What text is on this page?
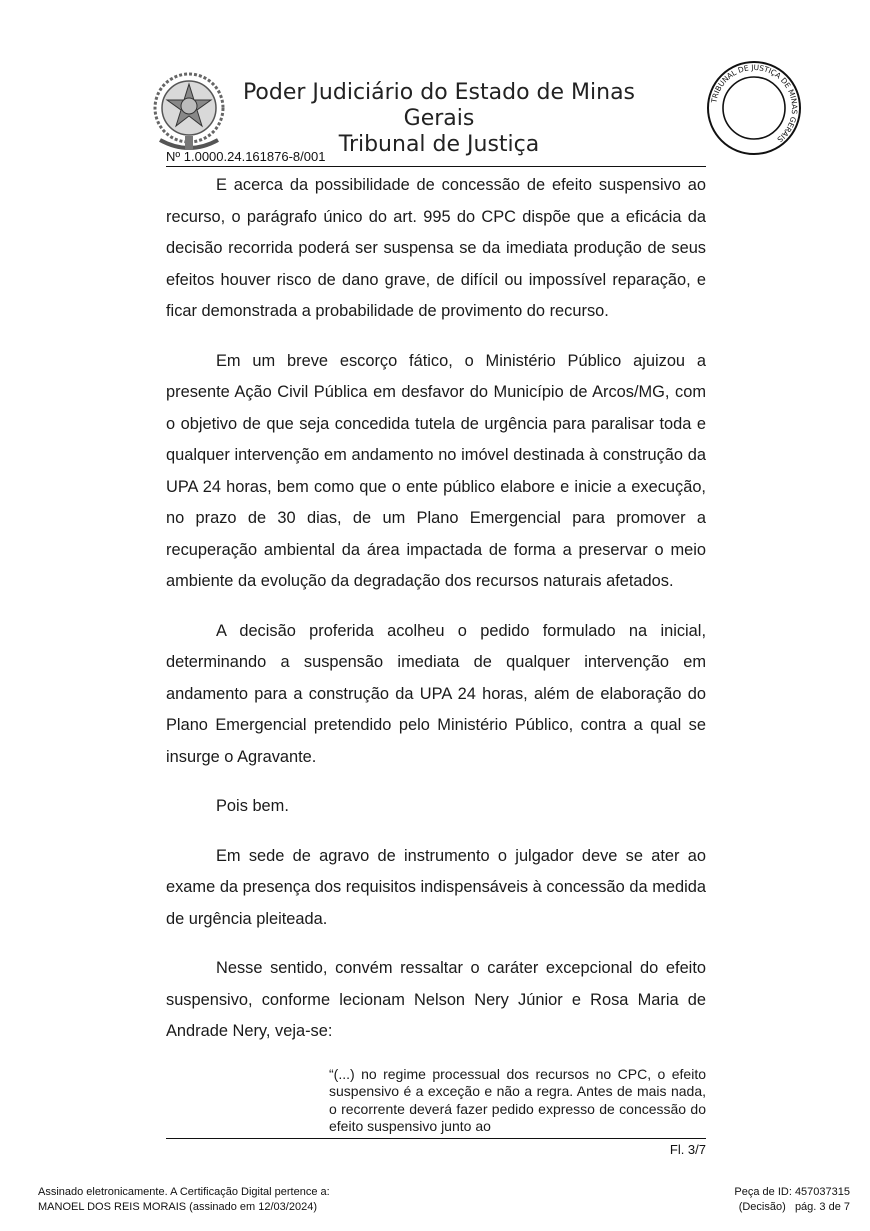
Poder Judiciário do Estado de Minas Gerais
Tribunal de Justiça
TRIBUNAL DE JUSTIÇA DE MINAS GERAIS
Nº 1.0000.24.161876-8/001

E acerca da possibilidade de concessão de efeito suspensivo ao recurso, o parágrafo único do art. 995 do CPC dispõe que a eficácia da decisão recorrida poderá ser suspensa se da imediata produção de seus efeitos houver risco de dano grave, de difícil ou impossível reparação, e ficar demonstrada a probabilidade de provimento do recurso.

Em um breve escorço fático, o Ministério Público ajuizou a presente Ação Civil Pública em desfavor do Município de Arcos/MG, com o objetivo de que seja concedida tutela de urgência para paralisar toda e qualquer intervenção em andamento no imóvel destinada à construção da UPA 24 horas, bem como que o ente público elabore e inicie a execução, no prazo de 30 dias, de um Plano Emergencial para promover a recuperação ambiental da área impactada de forma a preservar o meio ambiente da evolução da degradação dos recursos naturais afetados.

A decisão proferida acolheu o pedido formulado na inicial, determinando a suspensão imediata de qualquer intervenção em andamento para a construção da UPA 24 horas, além de elaboração do Plano Emergencial pretendido pelo Ministério Público, contra a qual se insurge o Agravante.

Pois bem.

Em sede de agravo de instrumento o julgador deve se ater ao exame da presença dos requisitos indispensáveis à concessão da medida de urgência pleiteada.

Nesse sentido, convém ressaltar o caráter excepcional do efeito suspensivo, conforme lecionam Nelson Nery Júnior e Rosa Maria de Andrade Nery, veja-se:

“(...) no regime processual dos recursos no CPC, o efeito suspensivo é a exceção e não a regra. Antes de mais nada, o recorrente deverá fazer pedido expresso de concessão do efeito suspensivo junto ao

Fl. 3/7
Assinado eletronicamente. A Certificação Digital pertence a:
MANOEL DOS REIS MORAIS (assinado em 12/03/2024)
Peça de ID: 457037315
(Decisão)   pág. 3 de 7
